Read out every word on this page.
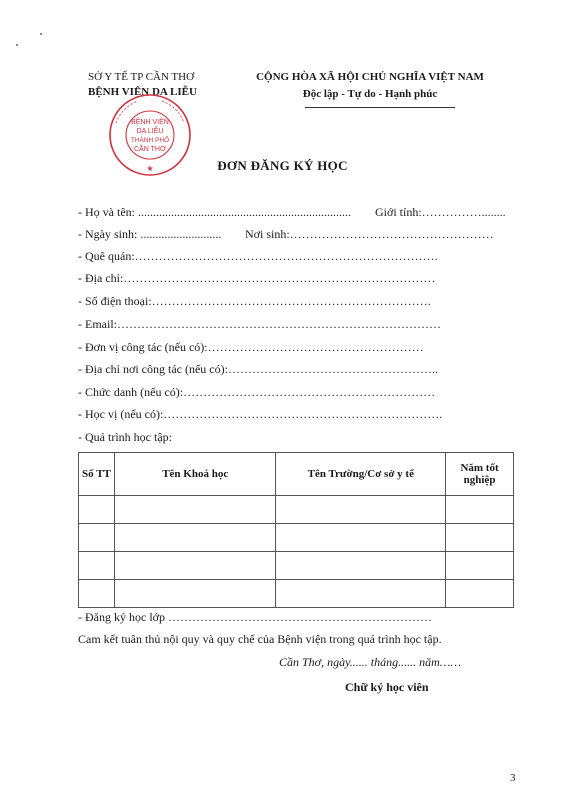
SỞ Y TẾ TP CẦN THƠ
BỆNH VIỆN DA LIỄU
BỆNH VIỆN
DA LIỄU
THÀNH PHỐ
CẦN THƠ
★
CỘNG HÒA XÃ HỘI CHỦ NGHĨA VIỆT NAM
Độc lập - Tự do - Hạnh phúc
ĐƠN ĐĂNG KÝ HỌC
- Họ và tên: ....................................................................... Giới tính:……………........
- Ngày sinh: ........................... Nơi sinh:……………………………………………
- Quê quán:………………………………………………………………….
- Địa chỉ:……………………………………………………………………
- Số điện thoại:…………………………………………………………….
- Email:………………………………………………………………………
- Đơn vị công tác (nếu có):………………………………………………
- Địa chỉ nơi công tác (nếu có):……………………………………………..
- Chức danh (nếu có):………………………………………………………
- Học vị (nếu có):…………………………………………………………….
- Quá trình học tập:
Số TT	Tên Khoá học	Tên Trường/Cơ sở y tế	Năm tốt nghiệp

- Đăng ký học lớp …………………………………………………………
Cam kết tuân thủ nội quy và quy chế của Bệnh viện trong quá trình học tập.
Cần Thơ, ngày...... tháng...... năm……
Chữ ký học viên
3
